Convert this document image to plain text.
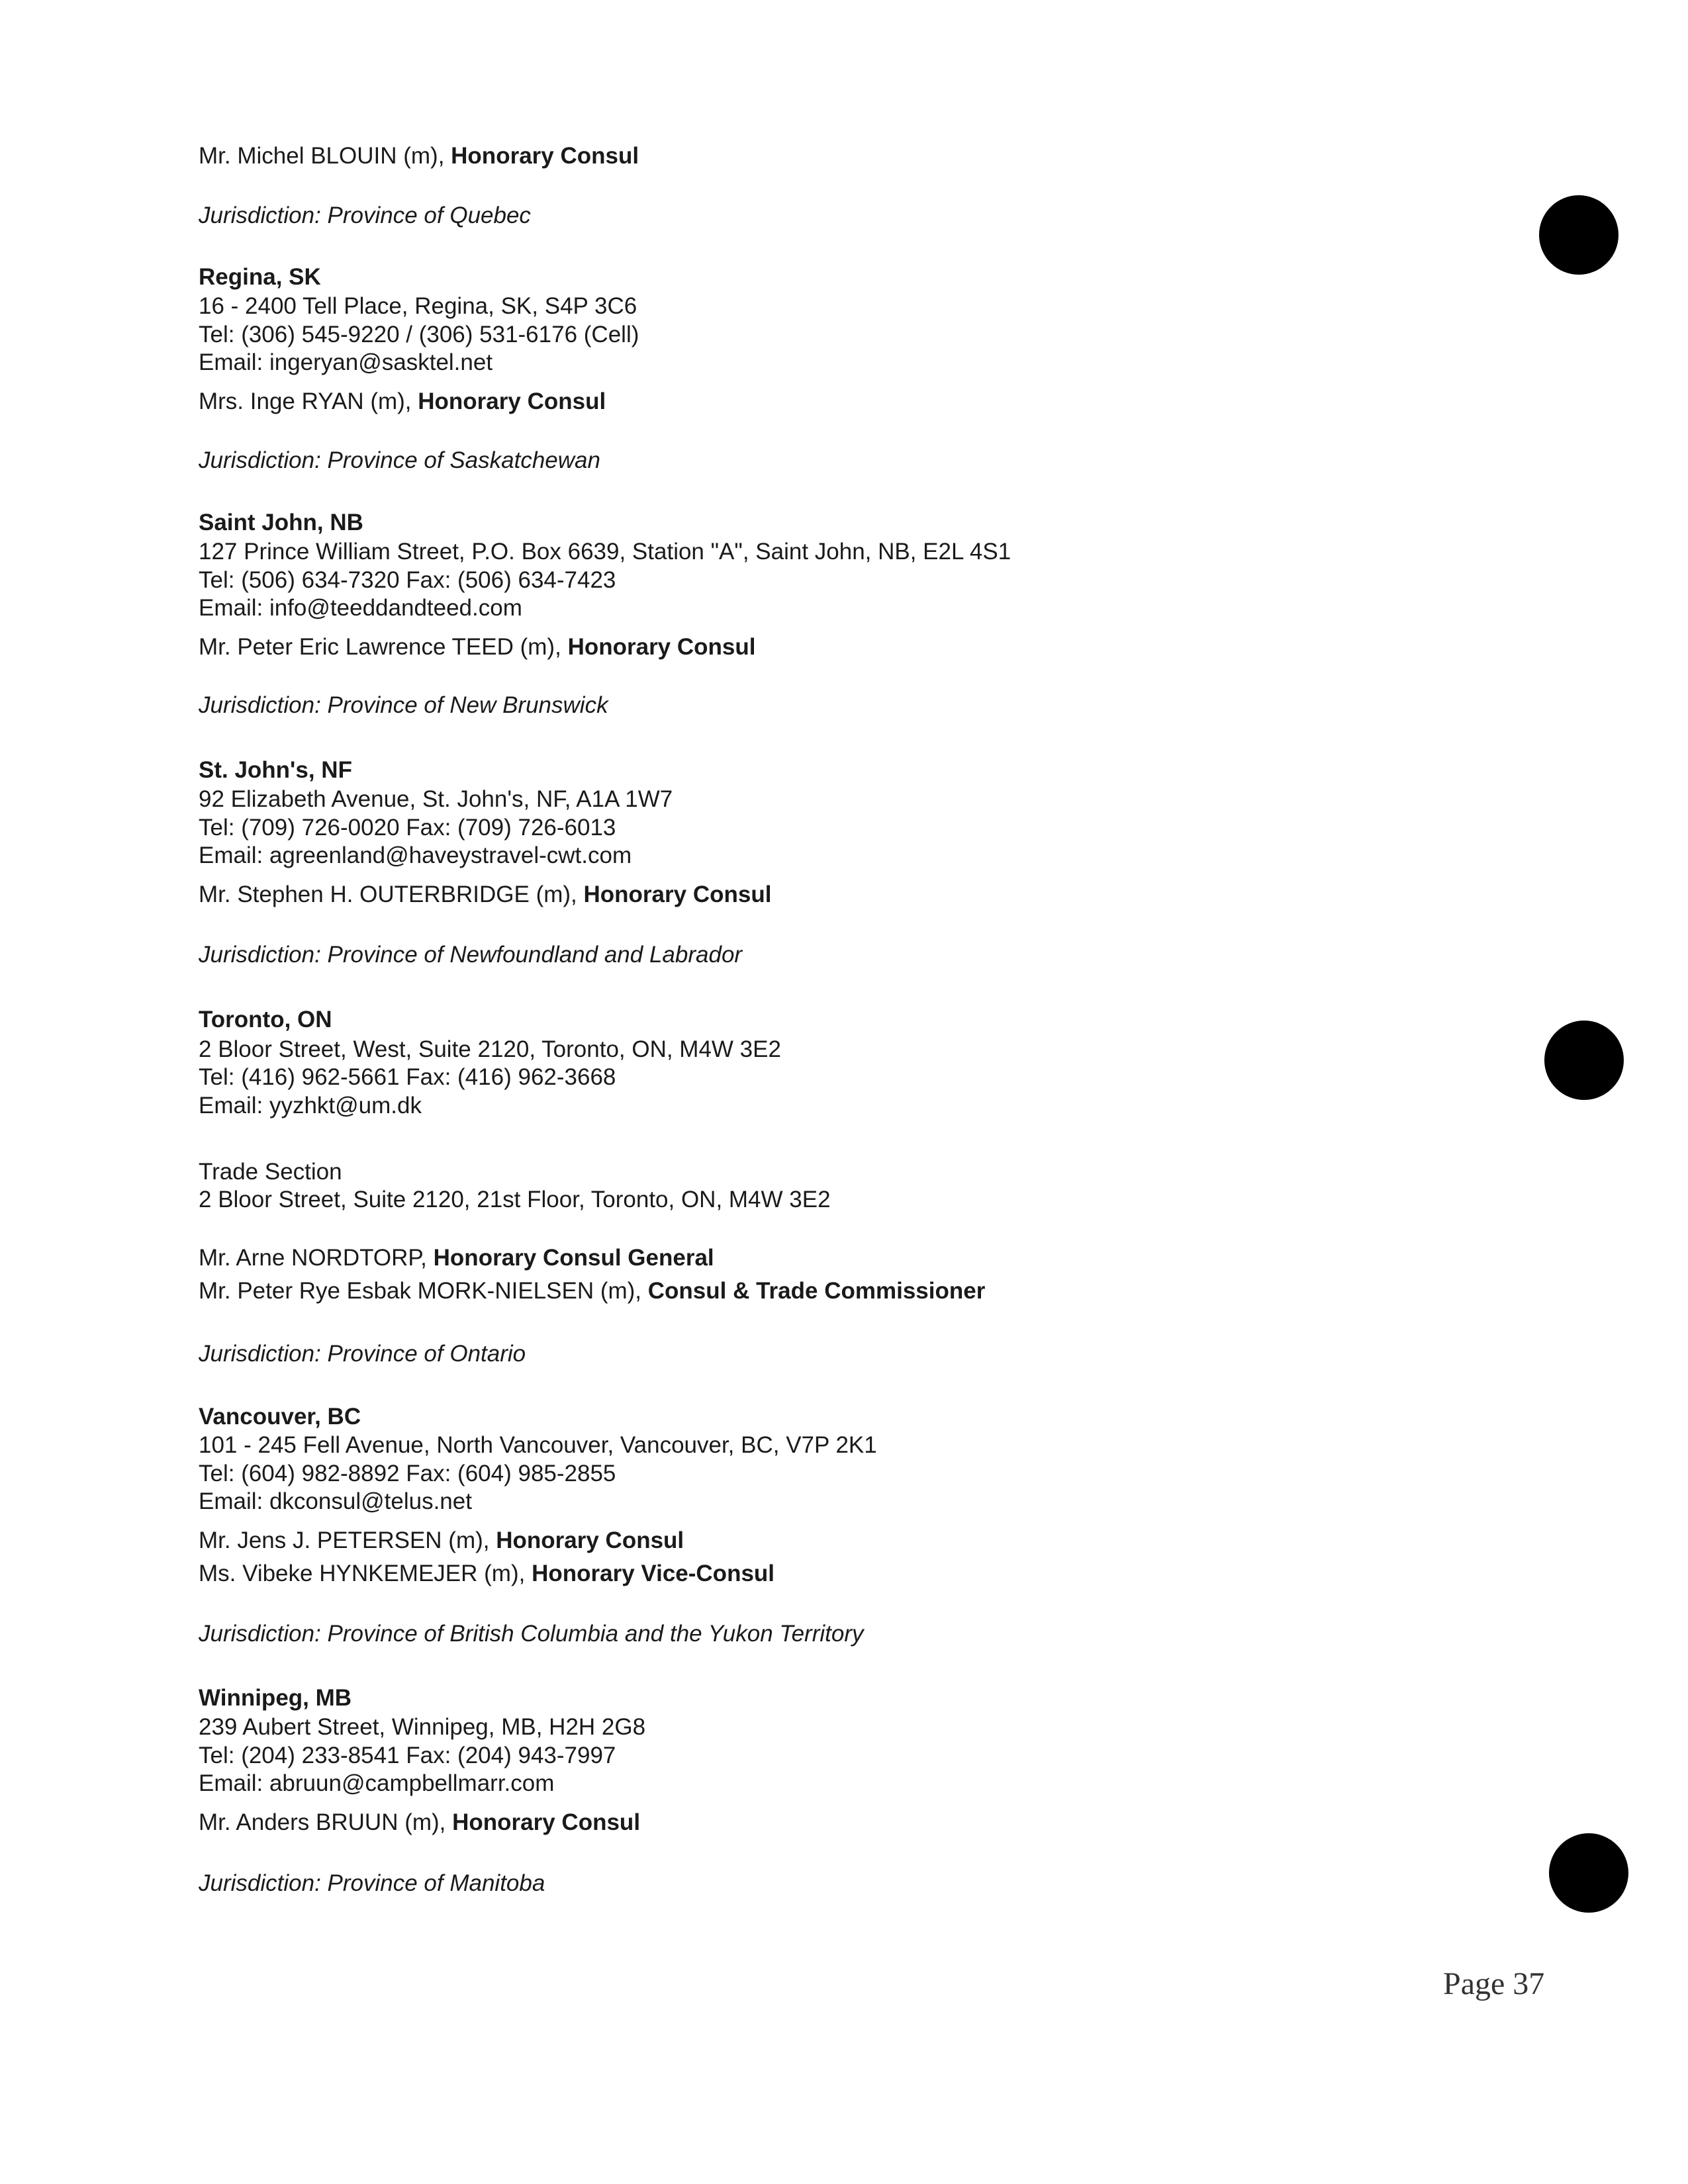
Mr. Michel BLOUIN (m), Honorary Consul
Jurisdiction: Province of Quebec
Regina, SK
16 - 2400 Tell Place, Regina, SK, S4P 3C6
Tel: (306) 545-9220 / (306) 531-6176 (Cell)
Email: ingeryan@sasktel.net
Mrs. Inge RYAN (m), Honorary Consul
Jurisdiction: Province of Saskatchewan
Saint John, NB
127 Prince William Street, P.O. Box 6639, Station "A", Saint John, NB, E2L 4S1
Tel: (506) 634-7320 Fax: (506) 634-7423
Email: info@teeddandteed.com
Mr. Peter Eric Lawrence TEED (m), Honorary Consul
Jurisdiction: Province of New Brunswick
St. John's, NF
92 Elizabeth Avenue, St. John's, NF, A1A 1W7
Tel: (709) 726-0020 Fax: (709) 726-6013
Email: agreenland@haveystravel-cwt.com
Mr. Stephen H. OUTERBRIDGE (m), Honorary Consul
Jurisdiction: Province of Newfoundland and Labrador
Toronto, ON
2 Bloor Street, West, Suite 2120, Toronto, ON, M4W 3E2
Tel: (416) 962-5661 Fax: (416) 962-3668
Email: yyzhkt@um.dk
Trade Section
2 Bloor Street, Suite 2120, 21st Floor, Toronto, ON, M4W 3E2
Mr. Arne NORDTORP, Honorary Consul General
Mr. Peter Rye Esbak MORK-NIELSEN (m), Consul & Trade Commissioner
Jurisdiction: Province of Ontario
Vancouver, BC
101 - 245 Fell Avenue, North Vancouver, Vancouver, BC, V7P 2K1
Tel: (604) 982-8892 Fax: (604) 985-2855
Email: dkconsul@telus.net
Mr. Jens J. PETERSEN (m), Honorary Consul
Ms. Vibeke HYNKEMEJER (m), Honorary Vice-Consul
Jurisdiction: Province of British Columbia and the Yukon Territory
Winnipeg, MB
239 Aubert Street, Winnipeg, MB, H2H 2G8
Tel: (204) 233-8541 Fax: (204) 943-7997
Email: abruun@campbellmarr.com
Mr. Anders BRUUN (m), Honorary Consul
Jurisdiction: Province of Manitoba
Page 37
